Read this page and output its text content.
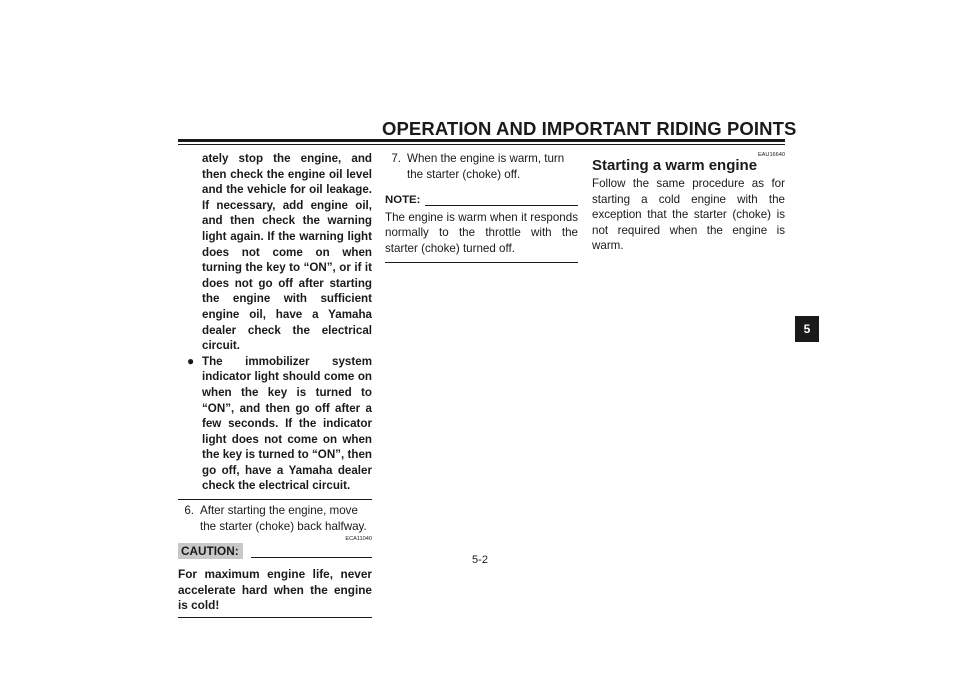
OPERATION AND IMPORTANT RIDING POINTS
ately stop the engine, and then check the engine oil level and the vehicle for oil leakage. If necessary, add engine oil, and then check the warning light again. If the warning light does not come on when turning the key to “ON”, or if it does not go off after starting the engine with sufficient engine oil, have a Yamaha dealer check the electrical circuit.
● The immobilizer system indicator light should come on when the key is turned to “ON”, and then go off after a few seconds. If the indicator light does not come on when the key is turned to “ON”, then go off, have a Yamaha dealer check the electrical circuit.
6. After starting the engine, move the starter (choke) back halfway.
ECA11040
CAUTION:
For maximum engine life, never accelerate hard when the engine is cold!
7. When the engine is warm, turn the starter (choke) off.
NOTE:
The engine is warm when it responds normally to the throttle with the starter (choke) turned off.
Starting a warm engine
EAU16640
Follow the same procedure as for starting a cold engine with the exception that the starter (choke) is not required when the engine is warm.
5
5-2
